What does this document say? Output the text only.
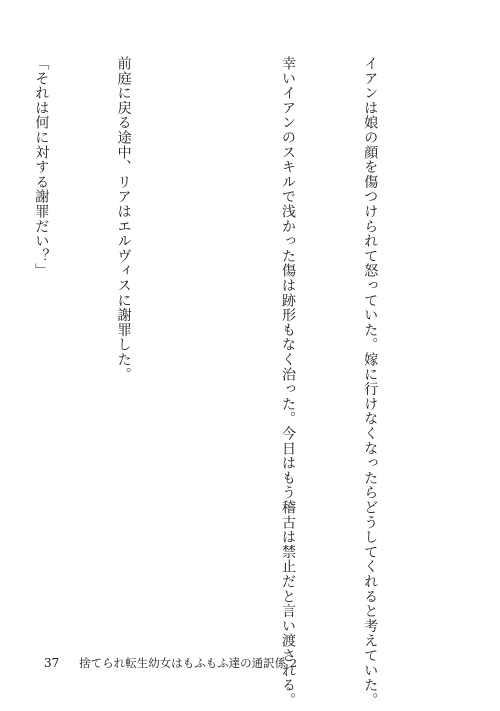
イアンは娘の顔を傷つけられて怒っていた。嫁に行けなくなったらどうしてくれると考えていた。

幸いイアンのスキルで浅かった傷は跡形もなく治った。今日はもう稽古は禁止だと言い渡される。

前庭に戻る途中、リアはエルヴィスに謝罪した。

「それは何に対する謝罪だい？」

37 捨てられ転生幼女はもふもふ達の通訳係 2
